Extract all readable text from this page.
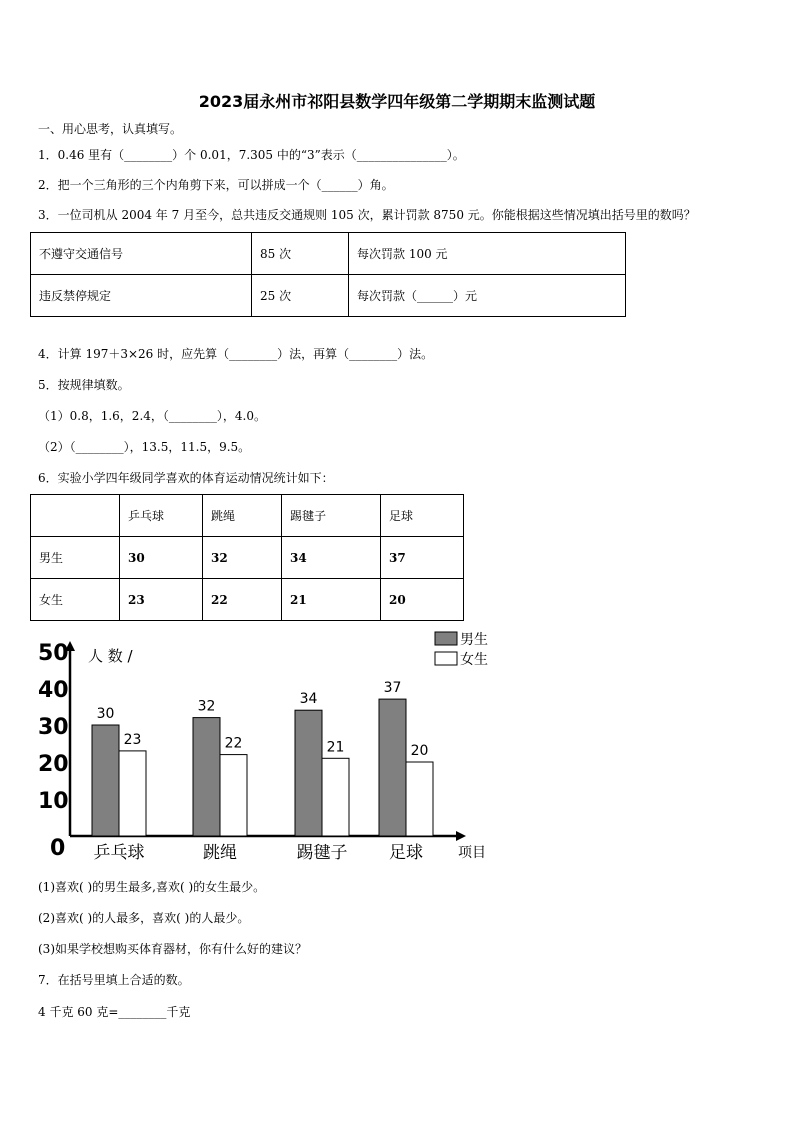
2023届永州市祁阳县数学四年级第二学期期末监测试题
一、用心思考，认真填写。
1．0.46 里有（________）个 0.01，7.305 中的“3”表示（_______________）。
2．把一个三角形的三个内角剪下来，可以拼成一个（______）角。
3．一位司机从 2004 年 7 月至今，总共违反交通规则 105 次，累计罚款 8750 元。你能根据这些情况填出括号里的数吗？
不遵守交通信号	85 次	每次罚款 100 元
违反禁停规定	25 次	每次罚款（______）元
4．计算 197＋3×26 时，应先算（________）法，再算（________）法。
5．按规律填数。
（1）0.8，1.6，2.4，（________），4.0。
（2）（________），13.5，11.5，9.5。
6．实验小学四年级同学喜欢的体育运动情况统计如下：
	乒乓球	跳绳	踢毽子	足球
男生	30	32	34	37
女生	23	22	21	20
0
10
20
30
40
50 人 数 /
项目
30
23
乒乓球
32
22
跳绳
34
21
踢毽子
37
20
足球
男生
女生
(1)喜欢( )的男生最多,喜欢( )的女生最少。
(2)喜欢( )的人最多，喜欢( )的人最少。
(3)如果学校想购买体育器材，你有什么好的建议？
7．在括号里填上合适的数。
4 千克 60 克=________千克
